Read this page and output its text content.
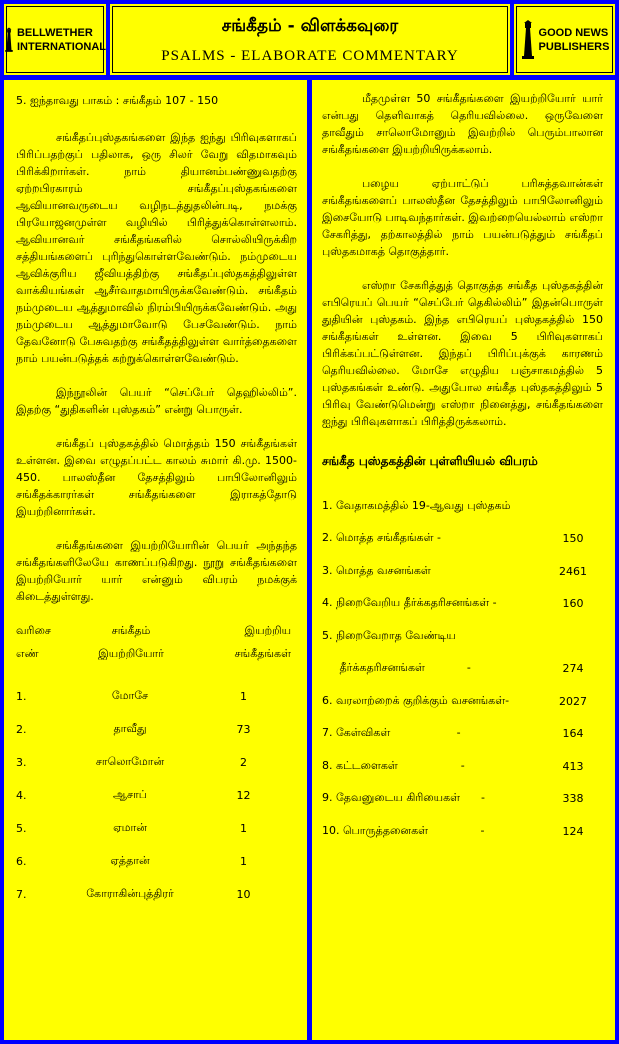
BELLWETHER
INTERNATIONAL
சங்கீதம் - விளக்கவுரை
PSALMS - ELABORATE COMMENTARY
GOOD NEWS
PUBLISHERS
5. ஐந்தாவது பாகம் : சங்கீதம் 107 - 150

சங்கீதப்புஸ்தகங்களை இந்த ஐந்து பிரிவுகளாகப் பிரிப்பதற்குப் பதிலாக, ஒரு சிலர் வேறு விதமாகவும் பிரிக்கிறார்கள். நாம் தியானம்பண்ணுவதற்கு ஏற்றபிரகாரம் சங்கீதப்புஸ்தகங்களை ஆவியானவருடைய வழிநடத்துதலின்படி, நமக்கு பிரயோஜனமுள்ள வழியில் பிரித்துக்கொள்ளலாம். ஆவியானவர் சங்கீதங்களில் சொல்லியிருக்கிற சத்தியங்களைப் புரிந்துகொள்ளவேண்டும். நம்முடைய ஆவிக்குரிய ஜீவியத்திற்கு சங்கீதப்புஸ்தகத்திலுள்ள வாக்கியங்கள் ஆசீர்வாதமாயிருக்கவேண்டும். சங்கீதம் நம்முடைய ஆத்துமாவில் நிரம்பியிருக்கவேண்டும். அது நம்முடைய ஆத்துமாவோடு பேசவேண்டும். நாம் தேவனோடு பேசுவதற்கு சங்கீதத்திலுள்ள வார்த்தைகளை நாம் பயன்படுத்தக் கற்றுக்கொள்ளவேண்டும்.

இந்நூலின் பெயர் “செப்பேர் தெஹில்லிம்”. இதற்கு “துதிகளின் புஸ்தகம்” என்று பொருள்.

சங்கீதப் புஸ்தகத்தில் மொத்தம் 150 சங்கீதங்கள் உள்ளன. இவை எழுதப்பட்ட காலம் சுமார் கி.மு. 1500-450. பாலஸ்தீன தேசத்திலும் பாபிலோனிலும் சங்கீதக்காரர்கள் சங்கீதங்களை இராகத்தோடு இயற்றினார்கள்.

சங்கீதங்களை இயற்றியோரின் பெயர் அந்தந்த சங்கீதங்களிலேயே காணப்படுகிறது. நூறு சங்கீதங்களை இயற்றியோர் யார் என்னும் விபரம் நமக்குக் கிடைத்துள்ளது.

வரிசை	சங்கீதம்	இயற்றிய
எண்	இயற்றியோர்	சங்கீதங்கள்
1.	மோசே	1
2.	தாவீது	73
3.	சாலொமோன்	2
4.	ஆசாப்	12
5.	ஏமான்	1
6.	ஏத்தான்	1
7.	கோராகின்புத்திரர்	10

மீதமுள்ள 50 சங்கீதங்களை இயற்றியோர் யார் என்பது தெளிவாகத் தெரியவில்லை. ஒருவேளை தாவீதும் சாலொமோனும் இவற்றில் பெரும்பாலான சங்கீதங்களை இயற்றியிருக்கலாம்.

பழைய ஏற்பாட்டுப் பரிசுத்தவான்கள் சங்கீதங்களைப் பாலஸ்தீன தேசத்திலும் பாபிலோனிலும் இசையோடு பாடிவந்தார்கள். இவற்றையெல்லாம் எஸ்றா சேகரித்து, தற்காலத்தில் நாம் பயன்படுத்தும் சங்கீதப் புஸ்தகமாகத் தொகுத்தார்.

எஸ்றா சேகரித்துத் தொகுத்த சங்கீத புஸ்தகத்தின் எபிரெயப் பெயர் “செப்பேர் தெகில்லிம்” இதன்பொருள் துதியின் புஸ்தகம். இந்த எபிரெயப் புஸ்தகத்தில் 150 சங்கீதங்கள் உள்ளன. இவை 5 பிரிவுகளாகப் பிரிக்கப்பட்டுள்ளன. இந்தப் பிரிப்புக்குக் காரணம் தெரியவில்லை. மோசே எழுதிய பஞ்சாகமத்தில் 5 புஸ்தகங்கள் உண்டு. அதுபோல சங்கீத புஸ்தகத்திலும் 5 பிரிவு வேண்டுமென்று எஸ்றா நினைத்து, சங்கீதங்களை ஐந்து பிரிவுகளாகப் பிரித்திருக்கலாம்.

சங்கீத புஸ்தகத்தின் புள்ளியியல் விபரம்
1. வேதாகமத்தில் 19-ஆவது புஸ்தகம்
2. மொத்த சங்கீதங்கள் -	150
3. மொத்த வசனங்கள்	2461
4. நிறைவேறிய தீர்க்கதரிசனங்கள் -	160
5. நிறைவேறாத வேண்டிய
தீர்க்கதரிசனங்கள்            -	274
6. வரலாற்றைக் குறிக்கும் வசனங்கள்-	2027
7. கேள்விகள்                   -	164
8. கட்டளைகள்                  -	413
9. தேவனுடைய கிரியைகள்      -	338
10. பொருத்தனைகள்               -	124
